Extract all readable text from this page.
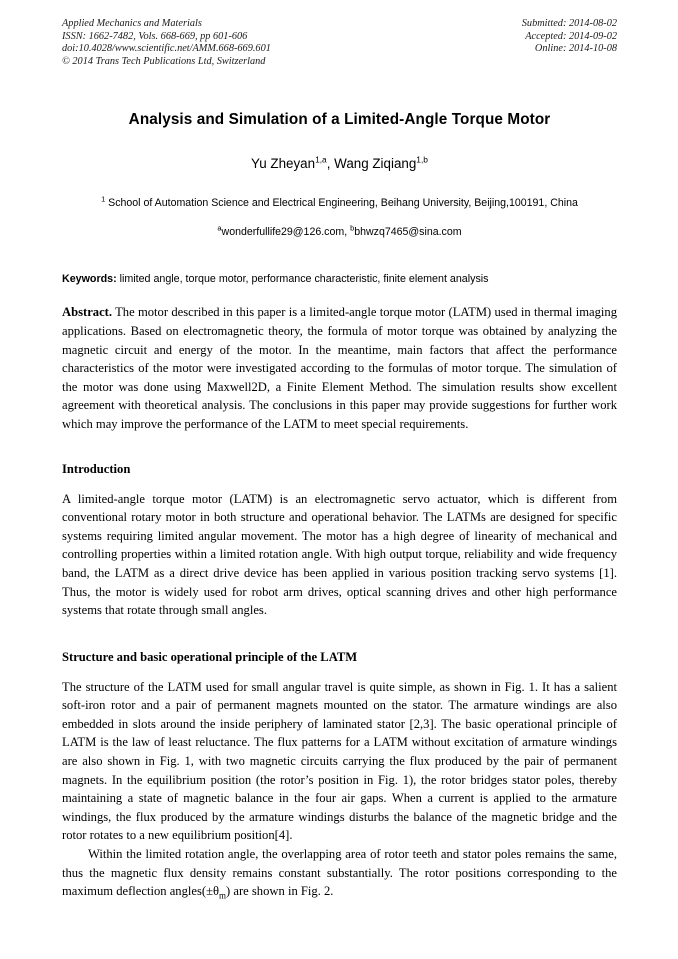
Applied Mechanics and Materials
ISSN: 1662-7482, Vols. 668-669, pp 601-606
doi:10.4028/www.scientific.net/AMM.668-669.601
© 2014 Trans Tech Publications Ltd, Switzerland
Submitted: 2014-08-02
Accepted: 2014-09-02
Online: 2014-10-08
Analysis and Simulation of a Limited-Angle Torque Motor
Yu Zheyan$^{1,a}$, Wang Ziqiang$^{1,b}$
$^1$ School of Automation Science and Electrical Engineering, Beihang University, Beijing,100191, China
$^a$wonderfullife29@126.com, $^b$bhwzq7465@sina.com
Keywords: limited angle, torque motor, performance characteristic, finite element analysis
Abstract. The motor described in this paper is a limited-angle torque motor (LATM) used in thermal imaging applications. Based on electromagnetic theory, the formula of motor torque was obtained by analyzing the magnetic circuit and energy of the motor. In the meantime, main factors that affect the performance characteristics of the motor were investigated according to the formulas of motor torque. The simulation of the motor was done using Maxwell2D, a Finite Element Method. The simulation results show excellent agreement with theoretical analysis. The conclusions in this paper may provide suggestions for further work which may improve the performance of the LATM to meet special requirements.
Introduction
A limited-angle torque motor (LATM) is an electromagnetic servo actuator, which is different from conventional rotary motor in both structure and operational behavior. The LATMs are designed for specific systems requiring limited angular movement. The motor has a high degree of linearity of mechanical and controlling properties within a limited rotation angle. With high output torque, reliability and wide frequency band, the LATM as a direct drive device has been applied in various position tracking servo systems [1]. Thus, the motor is widely used for robot arm drives, optical scanning drives and other high performance systems that rotate through small angles.
Structure and basic operational principle of the LATM
The structure of the LATM used for small angular travel is quite simple, as shown in Fig. 1. It has a salient soft-iron rotor and a pair of permanent magnets mounted on the stator. The armature windings are also embedded in slots around the inside periphery of laminated stator [2,3]. The basic operational principle of LATM is the law of least reluctance. The flux patterns for a LATM without excitation of armature windings are also shown in Fig. 1, with two magnetic circuits carrying the flux produced by the pair of permanent magnets. In the equilibrium position (the rotor’s position in Fig. 1), the rotor bridges stator poles, thereby maintaining a state of magnetic balance in the four air gaps. When a current is applied to the armature windings, the flux produced by the armature windings disturbs the balance of the magnetic bridge and the rotor rotates to a new equilibrium position[4].
Within the limited rotation angle, the overlapping area of rotor teeth and stator poles remains the same, thus the magnetic flux density remains constant substantially. The rotor positions corresponding to the maximum deflection $angles(\pm\theta_m)$ are shown in Fig. 2.
